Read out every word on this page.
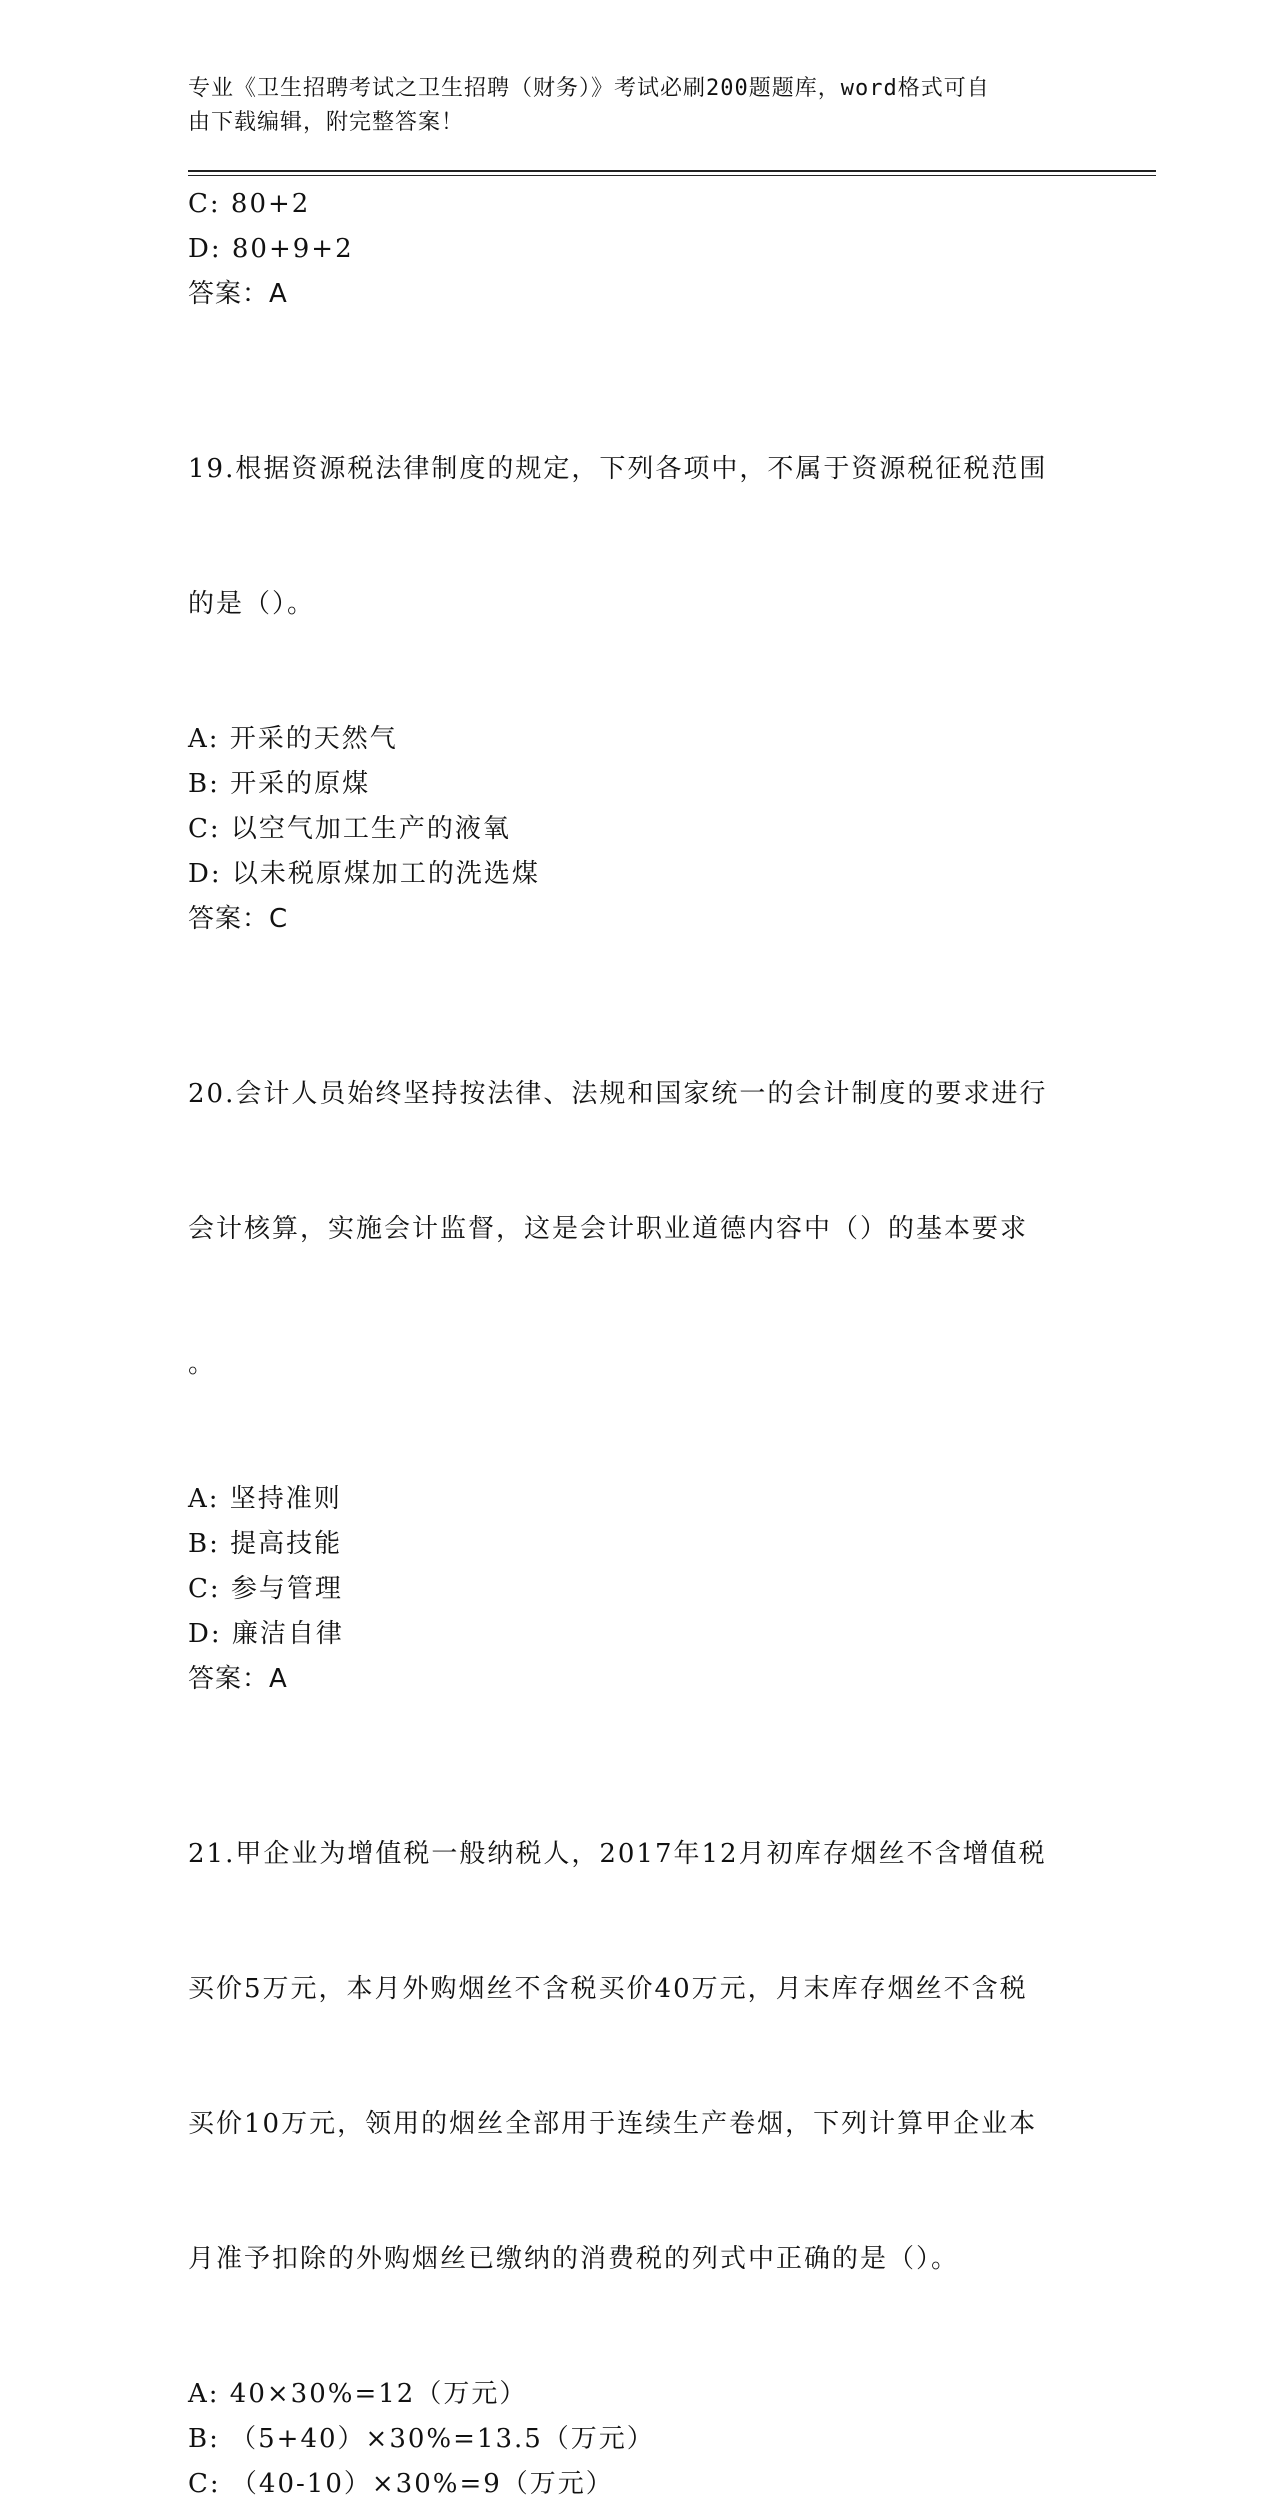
专业《卫生招聘考试之卫生招聘（财务）》考试必刷200题题库，word格式可自
由下载编辑，附完整答案！
C: 80+2
D: 80+9+2
答案：A

19.根据资源税法律制度的规定，下列各项中，不属于资源税征税范围

的是（）。

A: 开采的天然气
B: 开采的原煤
C: 以空气加工生产的液氧
D: 以未税原煤加工的洗选煤
答案：C

20.会计人员始终坚持按法律、法规和国家统一的会计制度的要求进行

会计核算，实施会计监督，这是会计职业道德内容中（）的基本要求

。

A: 坚持准则
B: 提高技能
C: 参与管理
D: 廉洁自律
答案：A

21.甲企业为增值税一般纳税人，2017年12月初库存烟丝不含增值税

买价5万元，本月外购烟丝不含税买价40万元，月末库存烟丝不含税

买价10万元，领用的烟丝全部用于连续生产卷烟，下列计算甲企业本

月准予扣除的外购烟丝已缴纳的消费税的列式中正确的是（）。

A: 40×30%=12（万元）
B: （5+40）×30%=13.5（万元）
C: （40-10）×30%=9（万元）
